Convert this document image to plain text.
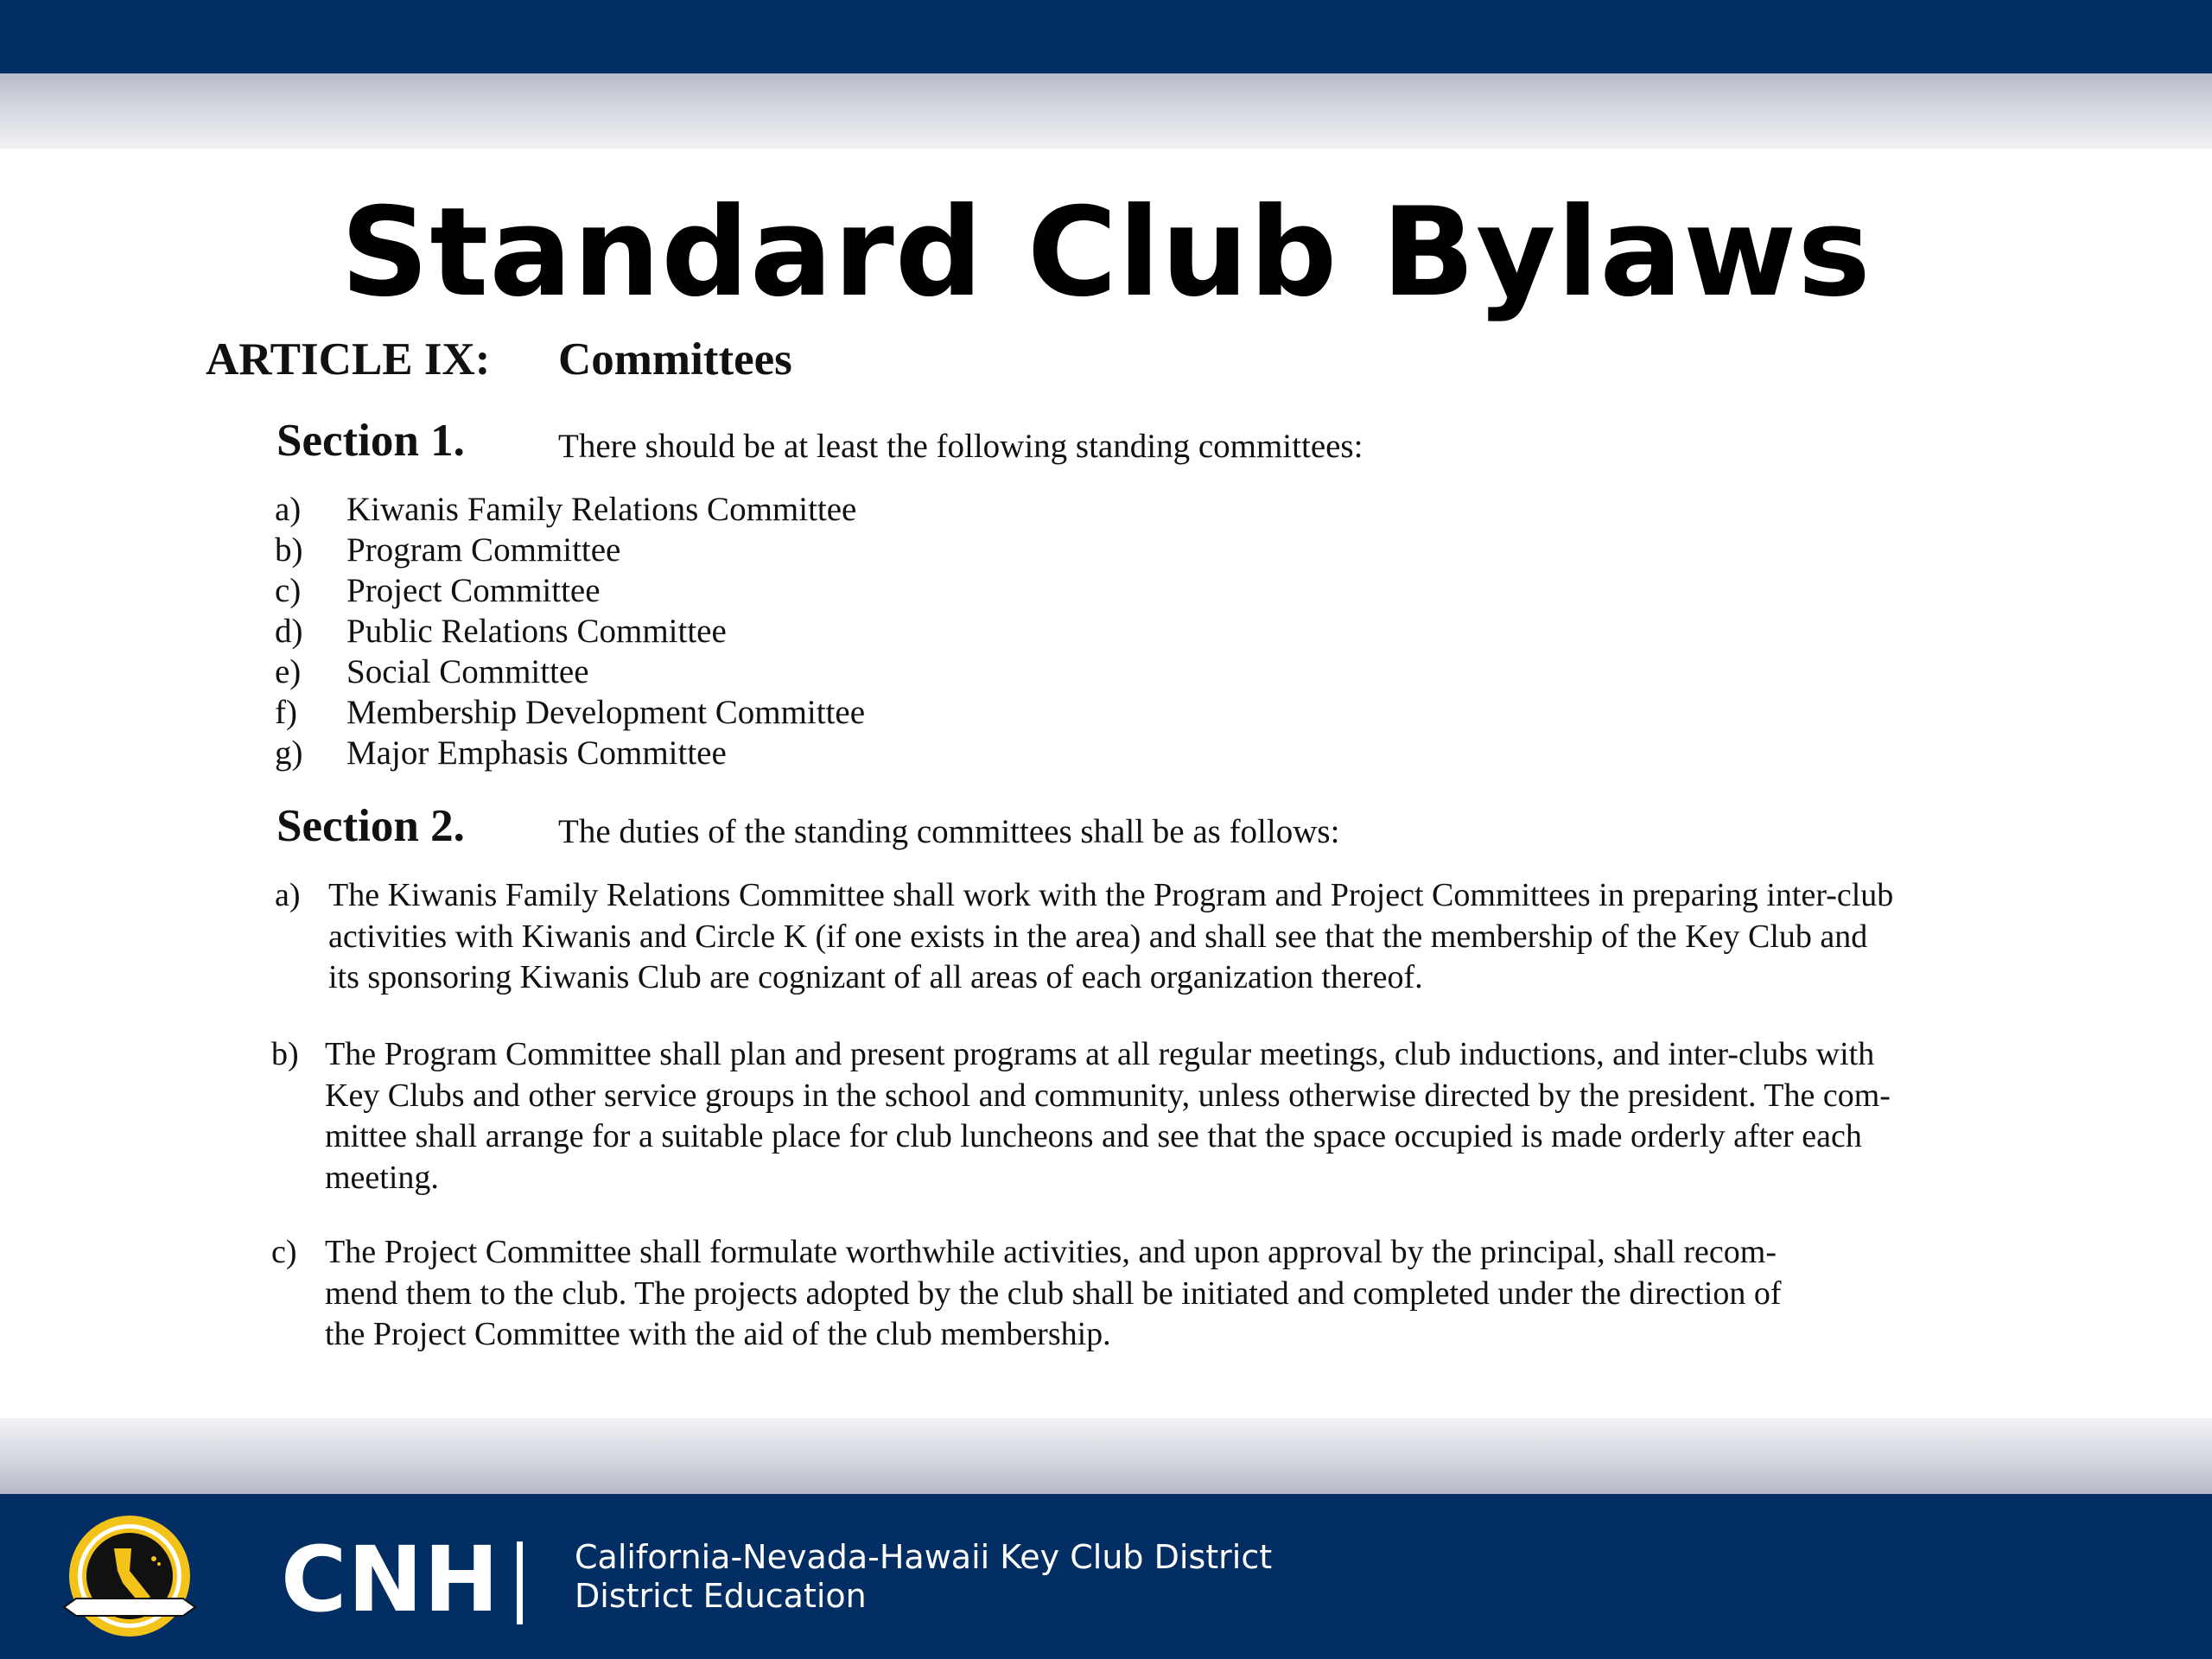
Standard Club Bylaws
ARTICLE IX: Committees
Section 1.	There should be at least the following standing committees:
a) Kiwanis Family Relations Committee
b) Program Committee
c) Project Committee
d) Public Relations Committee
e) Social Committee
f) Membership Development Committee
g) Major Emphasis Committee
Section 2.	The duties of the standing committees shall be as follows:
a) The Kiwanis Family Relations Committee shall work with the Program and Project Committees in preparing inter-club
activities with Kiwanis and Circle K (if one exists in the area) and shall see that the membership of the Key Club and
its sponsoring Kiwanis Club are cognizant of all areas of each organization thereof.
b) The Program Committee shall plan and present programs at all regular meetings, club inductions, and inter-clubs with
Key Clubs and other service groups in the school and community, unless otherwise directed by the president. The com-
mittee shall arrange for a suitable place for club luncheons and see that the space occupied is made orderly after each
meeting.
c) The Project Committee shall formulate worthwhile activities, and upon approval by the principal, shall recom-
mend them to the club. The projects adopted by the club shall be initiated and completed under the direction of
the Project Committee with the aid of the club membership.
CNH California-Nevada-Hawaii Key Club District
District Education
